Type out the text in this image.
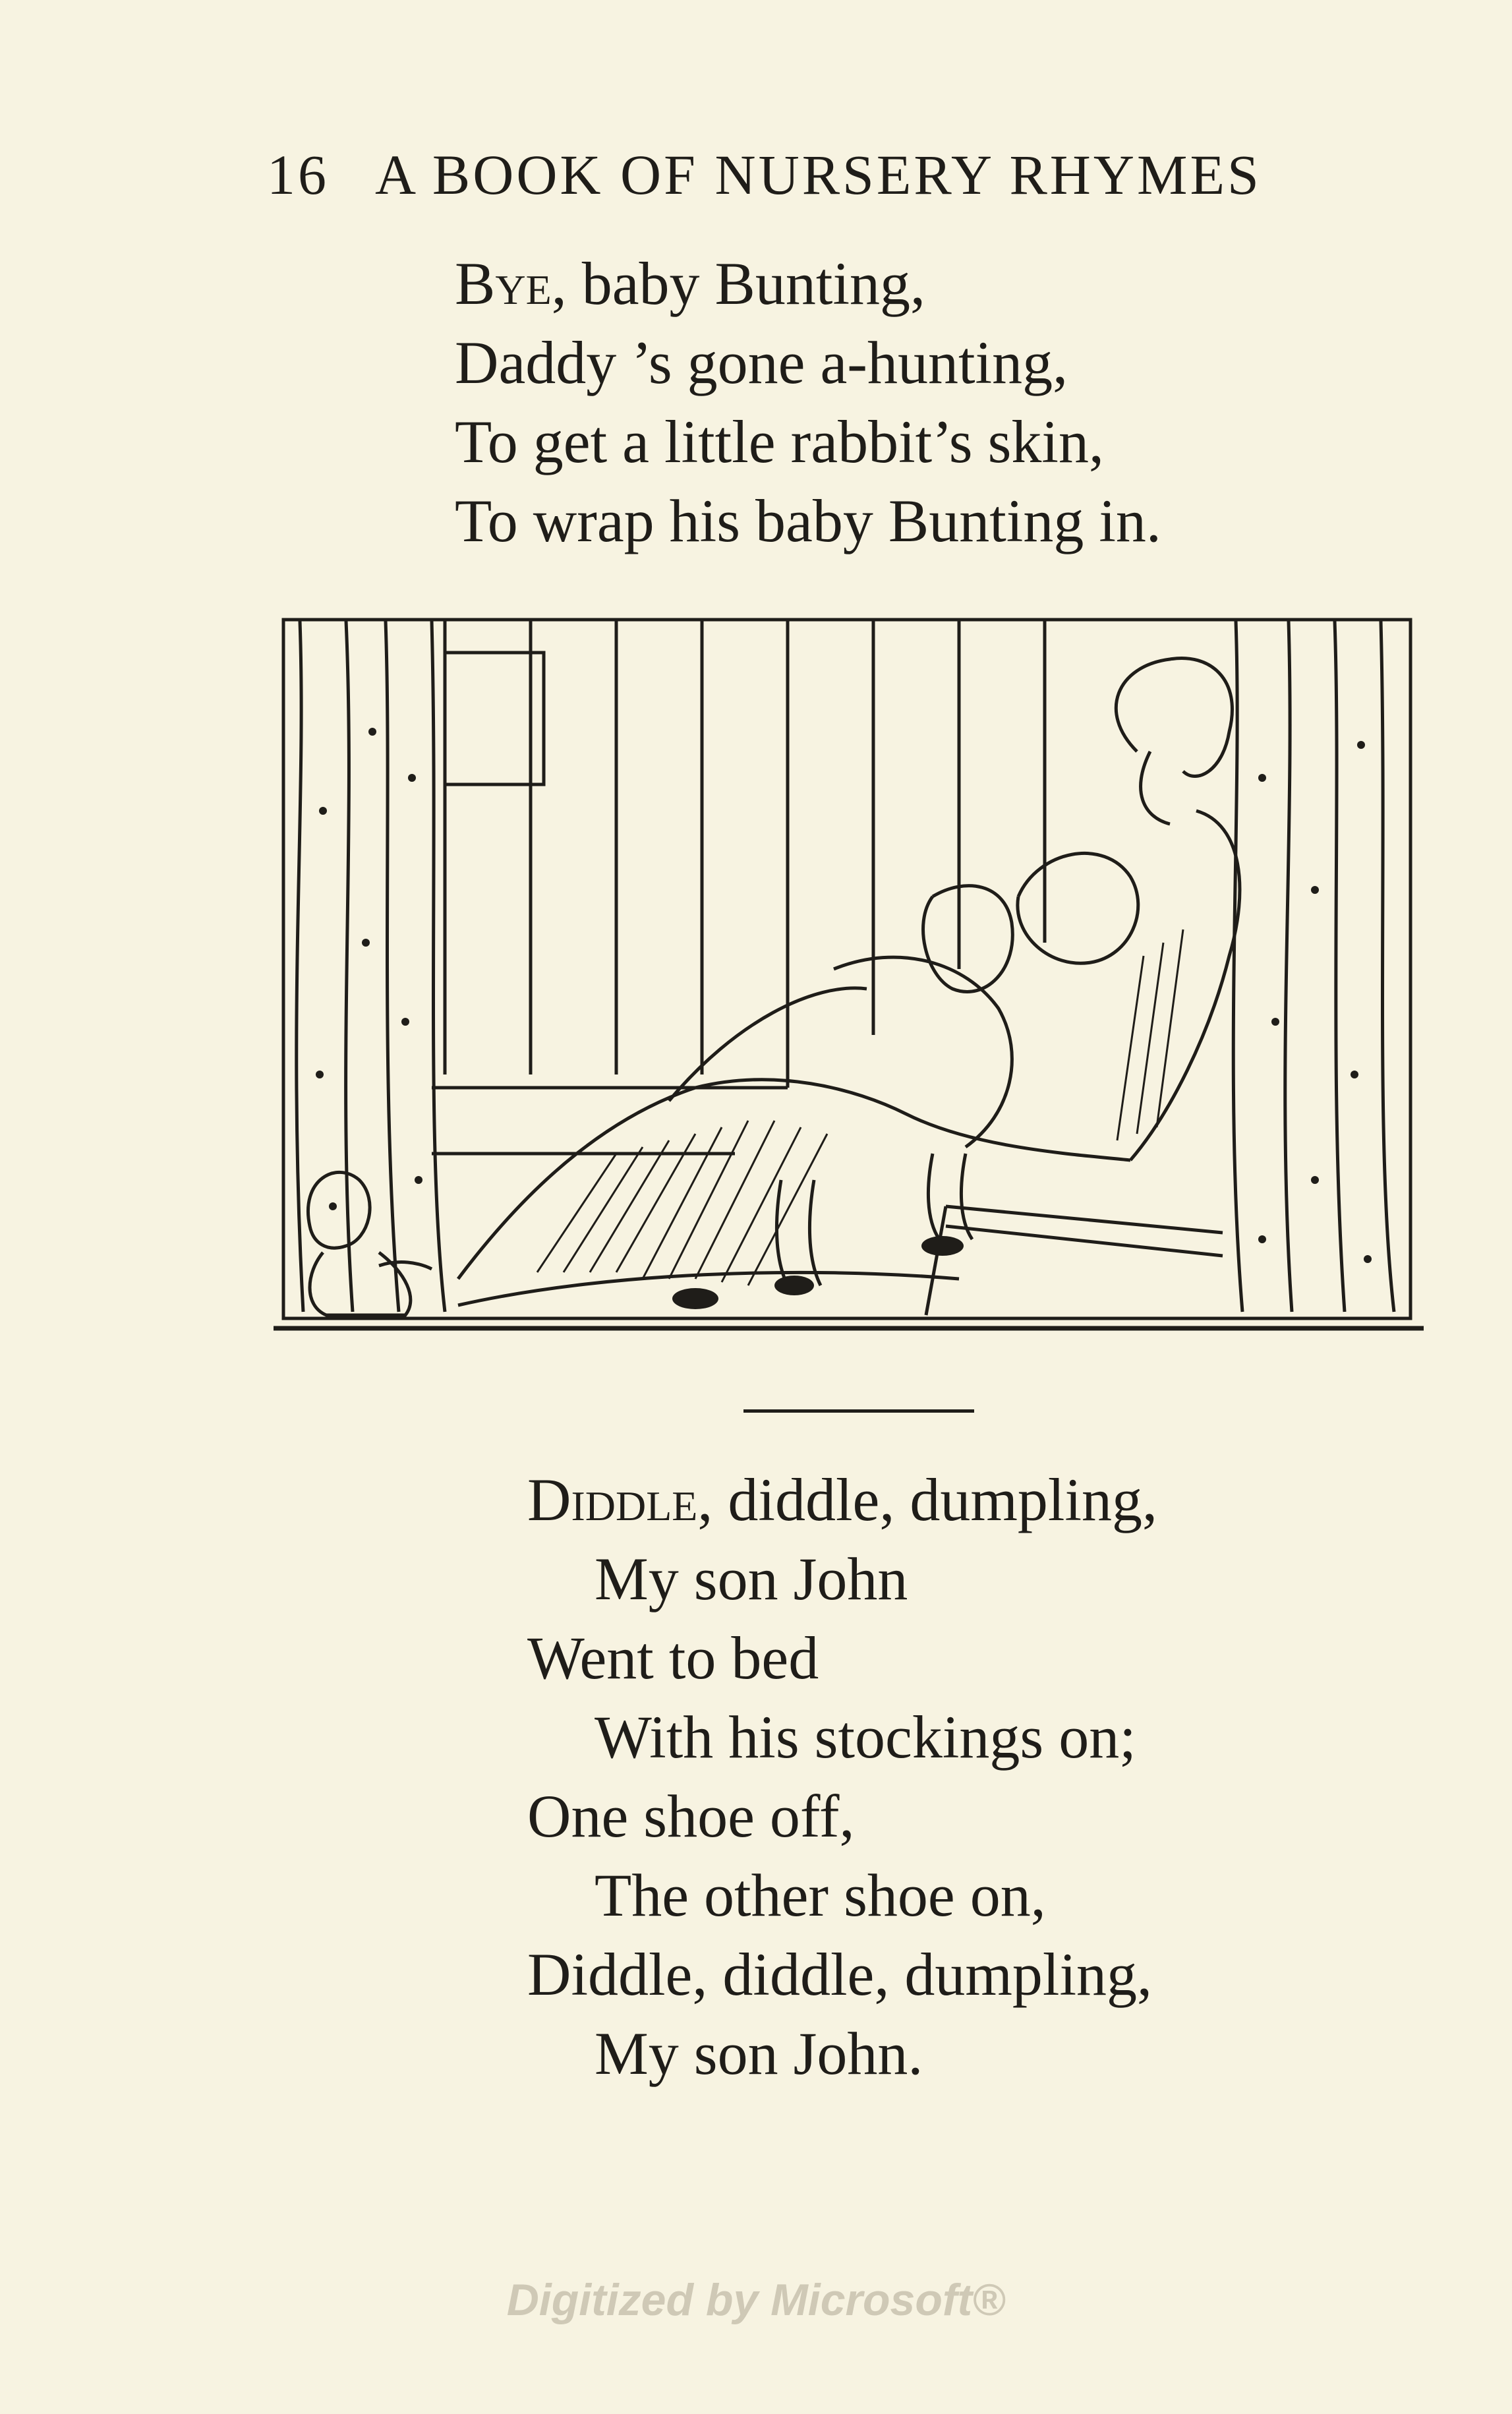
16 A BOOK OF NURSERY RHYMES
Bye, baby Bunting,
Daddy ’s gone a-hunting,
To get a little rabbit’s skin,
To wrap his baby Bunting in.
Diddle, diddle, dumpling,
My son John
Went to bed
With his stockings on;
One shoe off,
The other shoe on,
Diddle, diddle, dumpling,
My son John.
Digitized by Microsoft®
